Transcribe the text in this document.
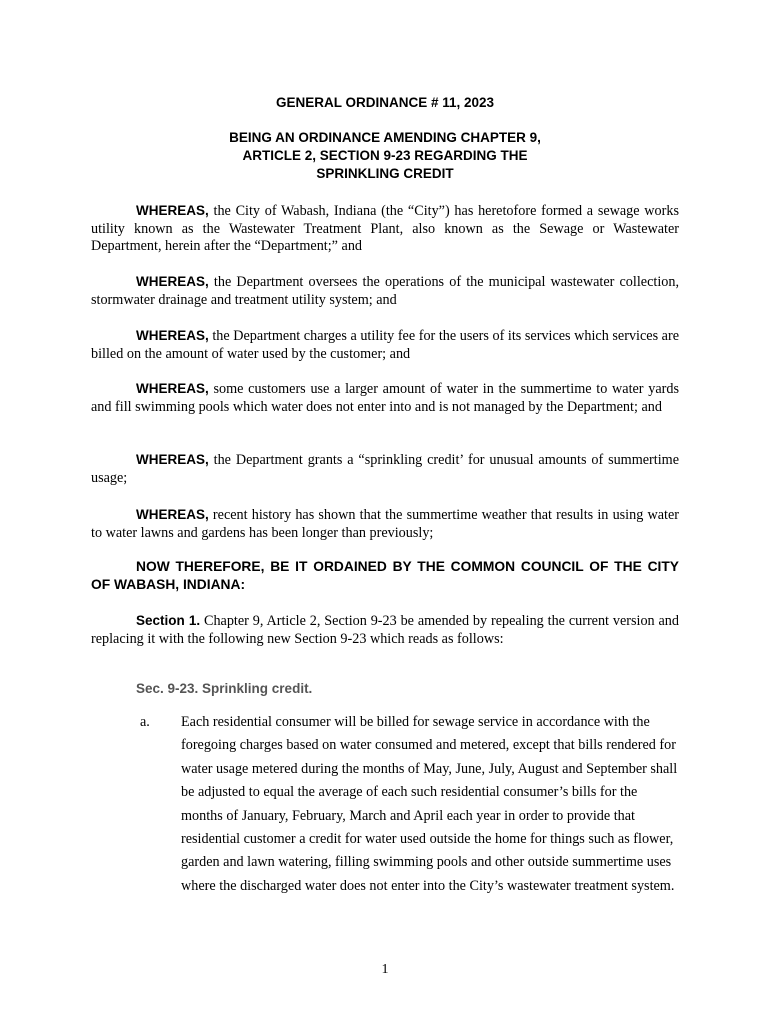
GENERAL ORDINANCE # 11, 2023
BEING AN ORDINANCE AMENDING CHAPTER 9,
ARTICLE 2, SECTION 9-23 REGARDING THE
SPRINKLING CREDIT

WHEREAS, the City of Wabash, Indiana (the “City”) has heretofore formed a sewage works utility known as the Wastewater Treatment Plant, also known as the Sewage or Wastewater Department, herein after the “Department;” and

WHEREAS, the Department oversees the operations of the municipal wastewater collection, stormwater drainage and treatment utility system; and

WHEREAS, the Department charges a utility fee for the users of its services which services are billed on the amount of water used by the customer; and

WHEREAS, some customers use a larger amount of water in the summertime to water yards and fill swimming pools which water does not enter into and is not managed by the Department; and

WHEREAS, the Department grants a “sprinkling credit’ for unusual amounts of summertime usage;

WHEREAS, recent history has shown that the summertime weather that results in using water to water lawns and gardens has been longer than previously;

NOW THEREFORE, BE IT ORDAINED BY THE COMMON COUNCIL OF THE CITY OF WABASH, INDIANA:

Section 1. Chapter 9, Article 2, Section 9-23 be amended by repealing the current version and replacing it with the following new Section 9-23 which reads as follows:

Sec. 9-23. Sprinkling credit.
a. Each residential consumer will be billed for sewage service in accordance with the foregoing charges based on water consumed and metered, except that bills rendered for water usage metered during the months of May, June, July, August and September shall be adjusted to equal the average of each such residential consumer’s bills for the months of January, February, March and April each year in order to provide that residential customer a credit for water used outside the home for things such as flower, garden and lawn watering, filling swimming pools and other outside summertime uses where the discharged water does not enter into the City’s wastewater treatment system.

1
